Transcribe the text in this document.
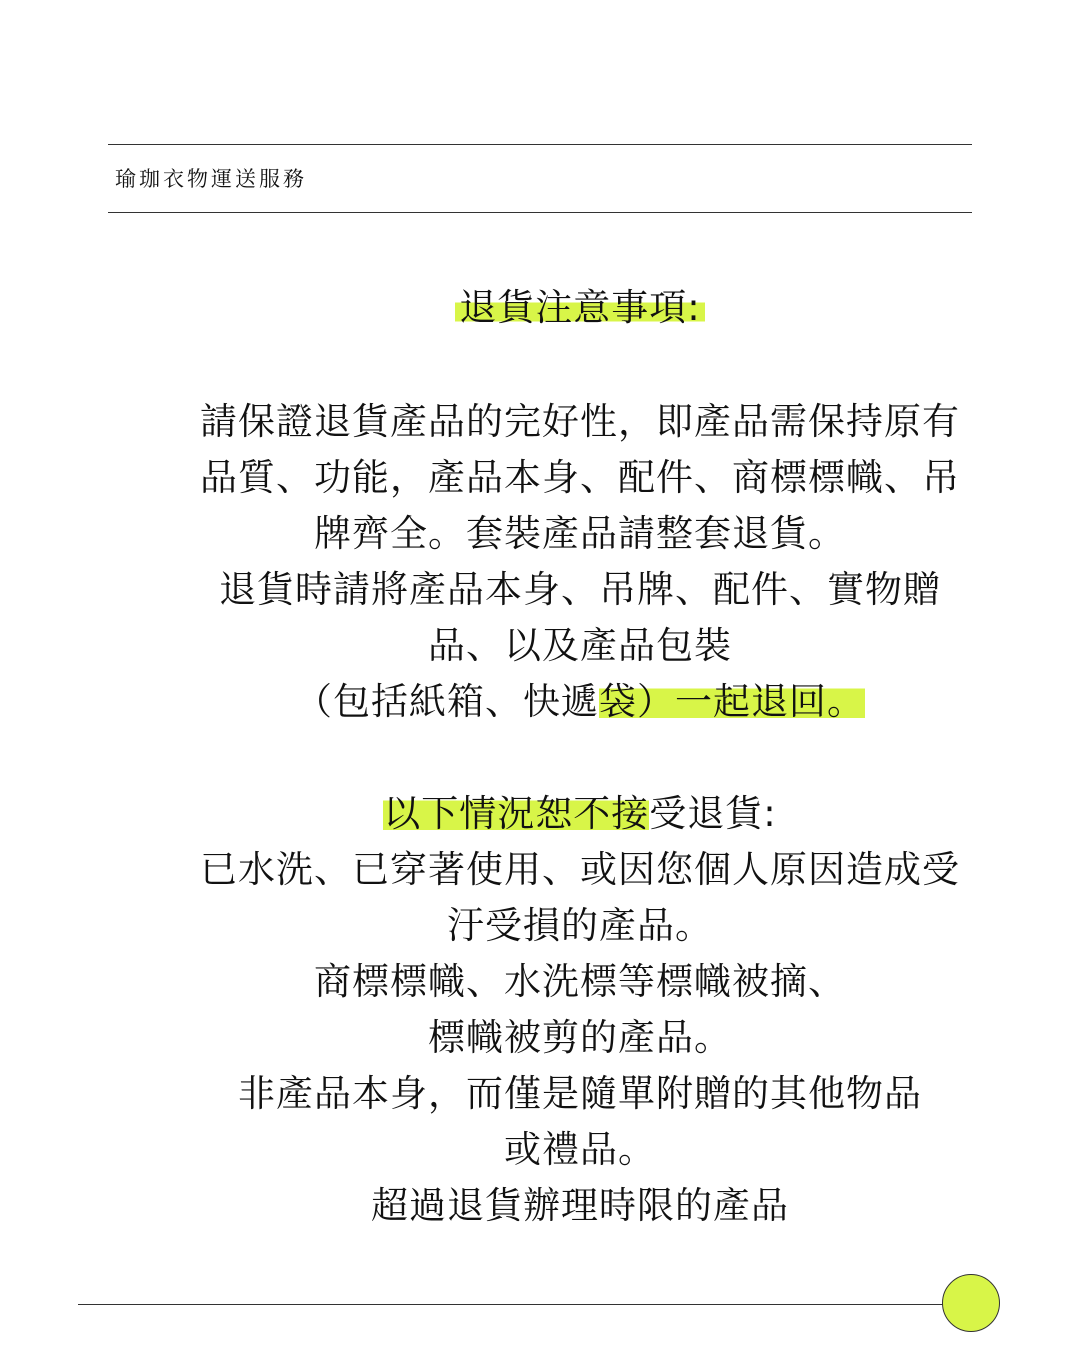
瑜珈衣物運送服務
退貨注意事項:
請保證退貨產品的完好性，即產品需保持原有
品質、功能，產品本身、配件、商標標幟、吊
牌齊全。套裝產品請整套退貨。
退貨時請將產品本身、吊牌、配件、實物贈
品、以及產品包裝
（包括紙箱、快遞袋）一起退回。
以下情況恕不接受退貨:
已水洗、已穿著使用、或因您個人原因造成受
汙受損的產品。
商標標幟、水洗標等標幟被摘、
標幟被剪的產品。
非產品本身，而僅是隨單附贈的其他物品
或禮品。
超過退貨辦理時限的產品
